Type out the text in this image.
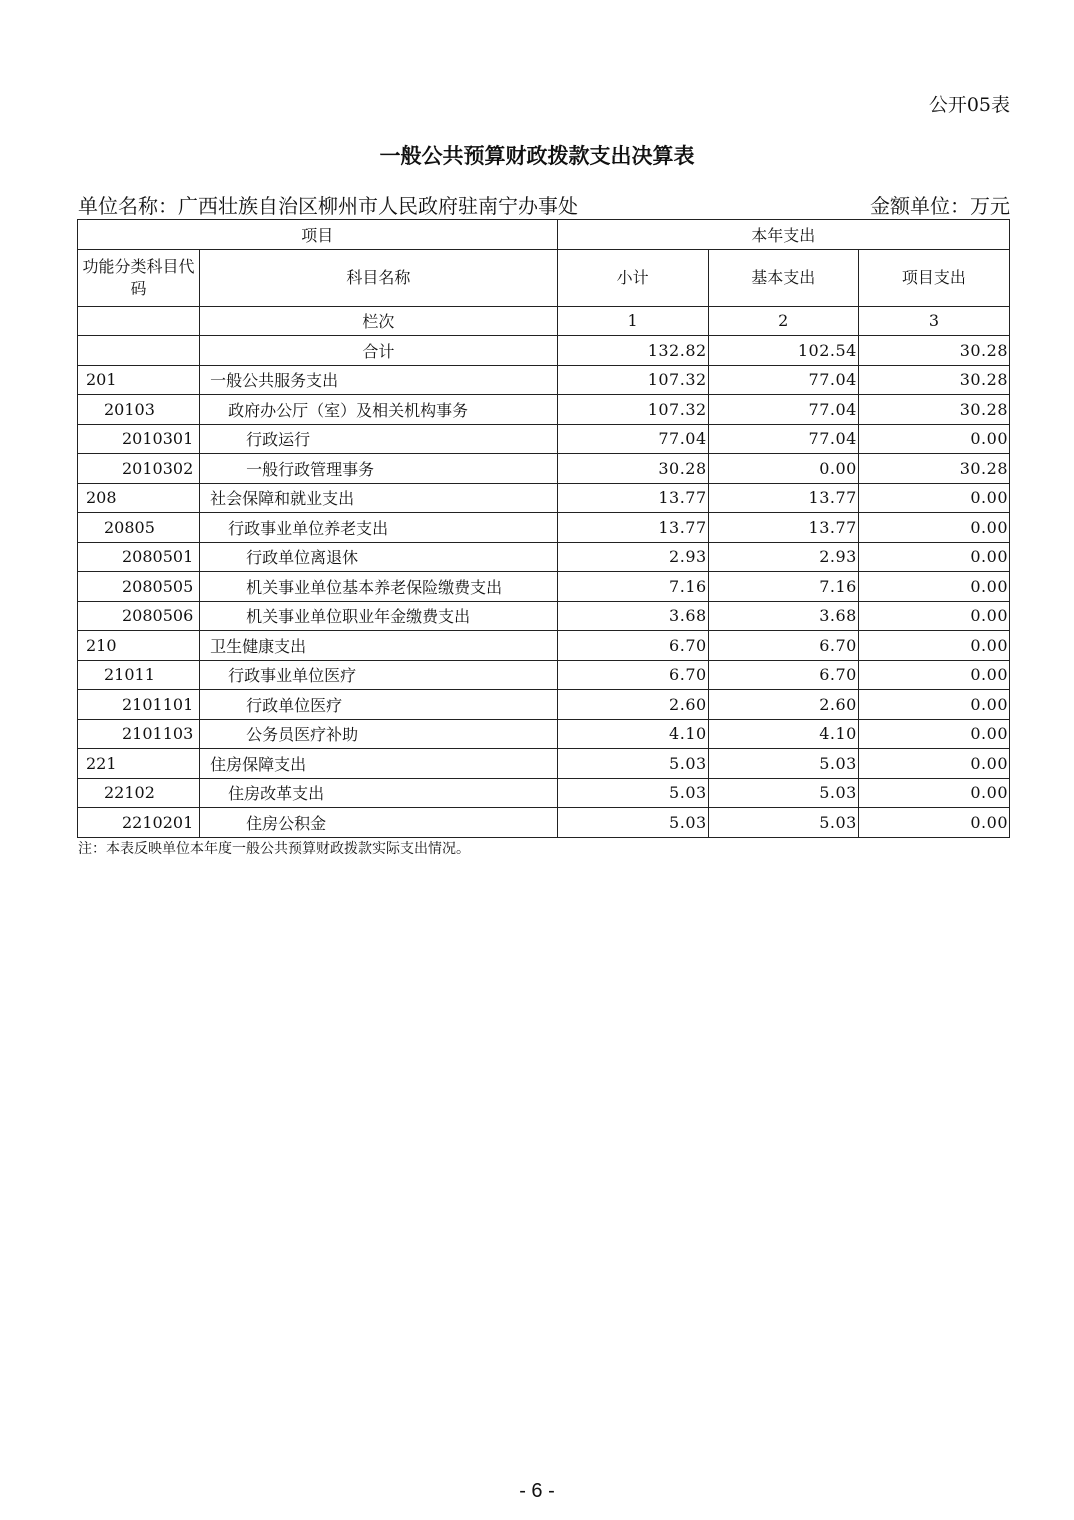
公开05表
一般公共预算财政拨款支出决算表
单位名称：广西壮族自治区柳州市人民政府驻南宁办事处	金额单位：万元
项目		本年支出		
功能分类科目代码	科目名称	小计	基本支出	项目支出
	栏次	1	2	3
	合计	132.82	102.54	30.28
201	一般公共服务支出	107.32	77.04	30.28
20103	政府办公厅（室）及相关机构事务	107.32	77.04	30.28
2010301	行政运行	77.04	77.04	0.00
2010302	一般行政管理事务	30.28	0.00	30.28
208	社会保障和就业支出	13.77	13.77	0.00
20805	行政事业单位养老支出	13.77	13.77	0.00
2080501	行政单位离退休	2.93	2.93	0.00
2080505	机关事业单位基本养老保险缴费支出	7.16	7.16	0.00
2080506	机关事业单位职业年金缴费支出	3.68	3.68	0.00
210	卫生健康支出	6.70	6.70	0.00
21011	行政事业单位医疗	6.70	6.70	0.00
2101101	行政单位医疗	2.60	2.60	0.00
2101103	公务员医疗补助	4.10	4.10	0.00
221	住房保障支出	5.03	5.03	0.00
22102	住房改革支出	5.03	5.03	0.00
2210201	住房公积金	5.03	5.03	0.00
注：本表反映单位本年度一般公共预算财政拨款实际支出情况。
- 6 -
